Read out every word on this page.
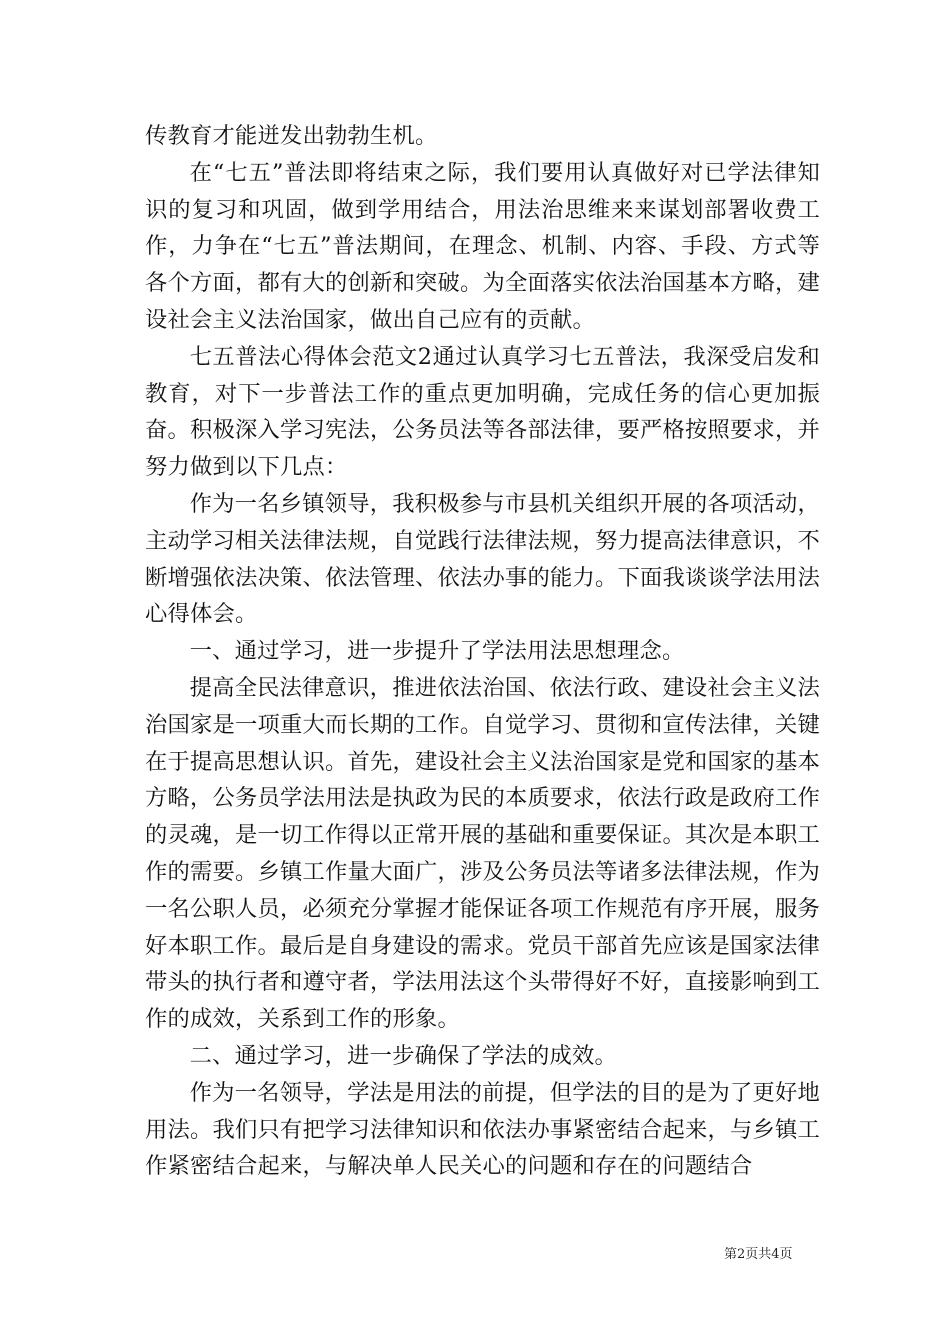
传教育才能迸发出勃勃生机。

在“七五”普法即将结束之际，我们要用认真做好对已学法律知识的复习和巩固，做到学用结合，用法治思维来来谋划部署收费工作，力争在“七五”普法期间，在理念、机制、内容、手段、方式等各个方面，都有大的创新和突破。为全面落实依法治国基本方略，建设社会主义法治国家，做出自己应有的贡献。

七五普法心得体会范文2通过认真学习七五普法，我深受启发和教育，对下一步普法工作的重点更加明确，完成任务的信心更加振奋。积极深入学习宪法，公务员法等各部法律，要严格按照要求，并努力做到以下几点：

作为一名乡镇领导，我积极参与市县机关组织开展的各项活动，主动学习相关法律法规，自觉践行法律法规，努力提高法律意识，不断增强依法决策、依法管理、依法办事的能力。下面我谈谈学法用法心得体会。

一、通过学习，进一步提升了学法用法思想理念。

提高全民法律意识，推进依法治国、依法行政、建设社会主义法治国家是一项重大而长期的工作。自觉学习、贯彻和宣传法律，关键在于提高思想认识。首先，建设社会主义法治国家是党和国家的基本方略，公务员学法用法是执政为民的本质要求，依法行政是政府工作的灵魂，是一切工作得以正常开展的基础和重要保证。其次是本职工作的需要。乡镇工作量大面广，涉及公务员法等诸多法律法规，作为一名公职人员，必须充分掌握才能保证各项工作规范有序开展，服务好本职工作。最后是自身建设的需求。党员干部首先应该是国家法律带头的执行者和遵守者，学法用法这个头带得好不好，直接影响到工作的成效，关系到工作的形象。

二、通过学习，进一步确保了学法的成效。

作为一名领导，学法是用法的前提，但学法的目的是为了更好地用法。我们只有把学习法律知识和依法办事紧密结合起来，与乡镇工作紧密结合起来，与解决单人民关心的问题和存在的问题结合

第2页共4页
